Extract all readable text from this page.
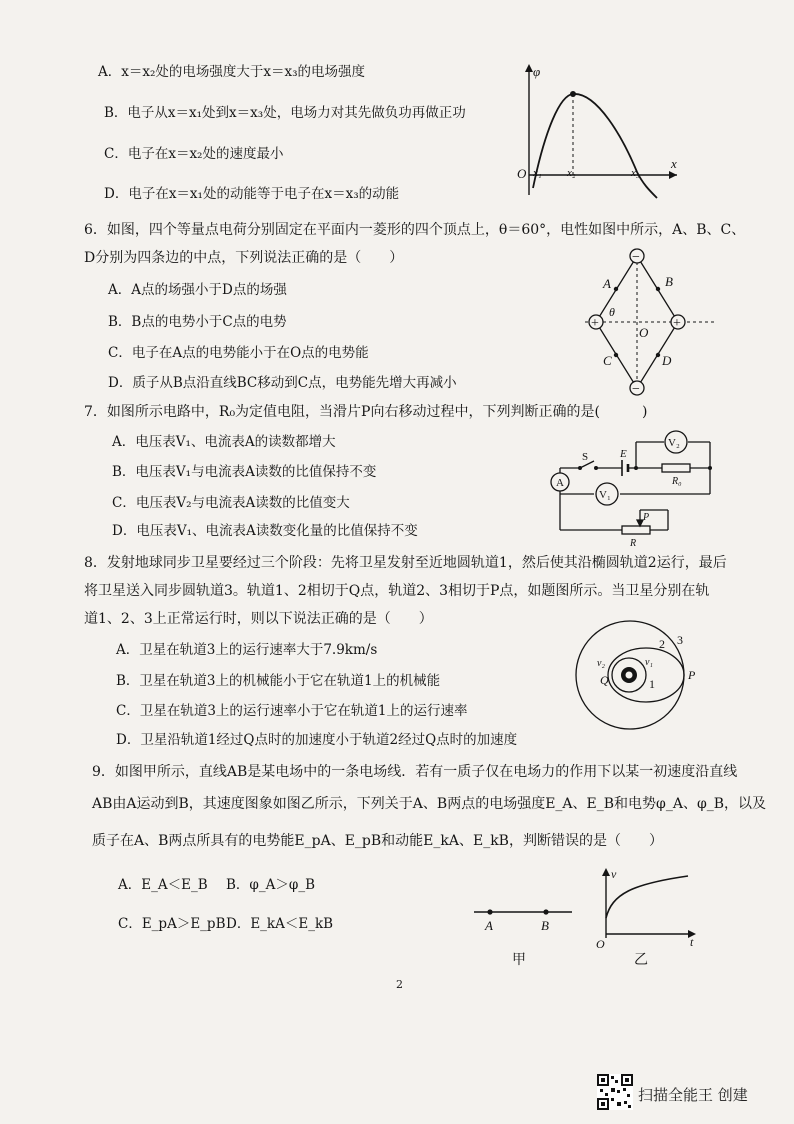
A．x＝x₂处的电场强度大于x＝x₃的电场强度
B．电子从x＝x₁处到x＝x₃处，电场力对其先做负功再做正功
C．电子在x＝x₂处的速度最小
D．电子在x＝x₁处的动能等于电子在x＝x₃的动能
φ
O x₁ x₂	x₃
x
6．如图，四个等量点电荷分别固定在平面内一菱形的四个顶点上，θ＝60°，电性如图中所示，A、B、C、
D分别为四条边的中点，下列说法正确的是（　　）
A．A点的场强小于D点的场强
B．B点的电势小于C点的电势
C．电子在A点的电势能小于在O点的电势能
D．质子从B点沿直线BC移动到C点，电势能先增大再减小
−
−
+	+
A	B
C	D
O
θ
7．如图所示电路中，R₀为定值电阻，当滑片P向右移动过程中，下列判断正确的是(　　　)
A．电压表V₁、电流表A的读数都增大
B．电压表V₁与电流表A读数的比值保持不变
C．电压表V₂与电流表A读数的比值变大
D．电压表V₁、电流表A读数变化量的比值保持不变
V₂
V₁
A
S	E
R₀
R
P
8．发射地球同步卫星要经过三个阶段：先将卫星发射至近地圆轨道1，然后使其沿椭圆轨道2运行，最后
将卫星送入同步圆轨道3。轨道1、2相切于Q点，轨道2、3相切于P点，如题图所示。当卫星分别在轨
道1、2、3上正常运行时，则以下说法正确的是（　　）
A．卫星在轨道3上的运行速率大于7.9km/s
B．卫星在轨道3上的机械能小于它在轨道1上的机械能
C．卫星在轨道3上的运行速率小于它在轨道1上的运行速率
D．卫星沿轨道1经过Q点时的加速度小于轨道2经过Q点时的加速度
2 3
1
P
Q
v₁
v₂
9．如图甲所示，直线AB是某电场中的一条电场线．若有一质子仅在电场力的作用下以某一初速度沿直线
AB由A运动到B，其速度图象如图乙所示，下列关于A、B两点的电场强度E_A、E_B和电势φ_A、φ_B，以及
质子在A、B两点所具有的电势能E_pA、E_pB和动能E_kA、E_kB，判断错误的是（　　）
A．E_A＜E_B B．φ_A＞φ_B
C．E_pA＞E_pB D．E_kA＜E_kB	A	B
甲
v
t
O
乙
2
扫描全能王 创建
